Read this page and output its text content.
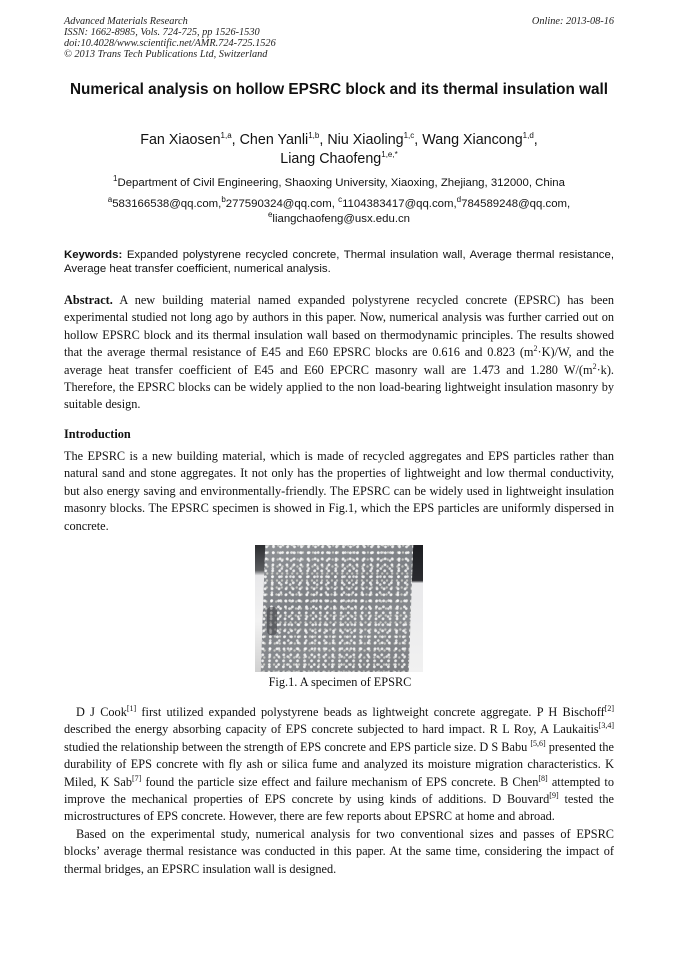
Advanced Materials Research
ISSN: 1662-8985, Vols. 724-725, pp 1526-1530
doi:10.4028/www.scientific.net/AMR.724-725.1526
© 2013 Trans Tech Publications Ltd, Switzerland
Online: 2013-08-16
Numerical analysis on hollow EPSRC block and its thermal insulation wall
Fan Xiaosen$^{1,a}$, Chen Yanli$^{1,b}$, Niu Xiaoling$^{1,c}$, Wang Xiancong$^{1,d}$,
Liang Chaofeng$^{1,e,*}$
$^1$Department of Civil Engineering, Shaoxing University, Xiaoxing, Zhejiang, 312000, China
$^a$583166538@qq.com,$^b$277590324@qq.com, $^c$1104383417@qq.com,$^d$784589248@qq.com,
$^e$liangchaofeng@usx.edu.cn
Keywords: Expanded polystyrene recycled concrete, Thermal insulation wall, Average thermal resistance, Average heat transfer coefficient, numerical analysis.
Abstract. A new building material named expanded polystyrene recycled concrete (EPSRC) has been experimental studied not long ago by authors in this paper. Now, numerical analysis was further carried out on hollow EPSRC block and its thermal insulation wall based on thermodynamic principles. The results showed that the average thermal resistance of E45 and E60 EPSRC blocks are 0.616 and 0.823 $(m^2\cdot K)/W$, and the average heat transfer coefficient of E45 and E60 EPCRC masonry wall are 1.473 and 1.280 $W/(m^2\cdot k)$. Therefore, the EPSRC blocks can be widely applied to the non load-bearing lightweight insulation masonry by suitable design.
Introduction
The EPSRC is a new building material, which is made of recycled aggregates and EPS particles rather than natural sand and stone aggregates. It not only has the properties of lightweight and low thermal conductivity, but also energy saving and environmentally-friendly. The EPSRC can be widely used in lightweight insulation masonry blocks. The EPSRC specimen is showed in Fig.1, which the EPS particles are uniformly dispersed in concrete.
Fig.1. A specimen of EPSRC
D J Cook[1] first utilized expanded polystyrene beads as lightweight concrete aggregate. P H Bischoff[2] described the energy absorbing capacity of EPS concrete subjected to hard impact. R L Roy, A Laukaitis[3,4] studied the relationship between the strength of EPS concrete and EPS particle size. D S Babu [5,6] presented the durability of EPS concrete with fly ash or silica fume and analyzed its moisture migration characteristics. K Miled, K Sab[7] found the particle size effect and failure mechanism of EPS concrete. B Chen[8] attempted to improve the mechanical properties of EPS concrete by using kinds of additions. D Bouvard[9] tested the microstructures of EPS concrete. However, there are few reports about EPSRC at home and abroad.
Based on the experimental study, numerical analysis for two conventional sizes and passes of EPSRC blocks’ average thermal resistance was conducted in this paper. At the same time, considering the impact of thermal bridges, an EPSRC insulation wall is designed.
